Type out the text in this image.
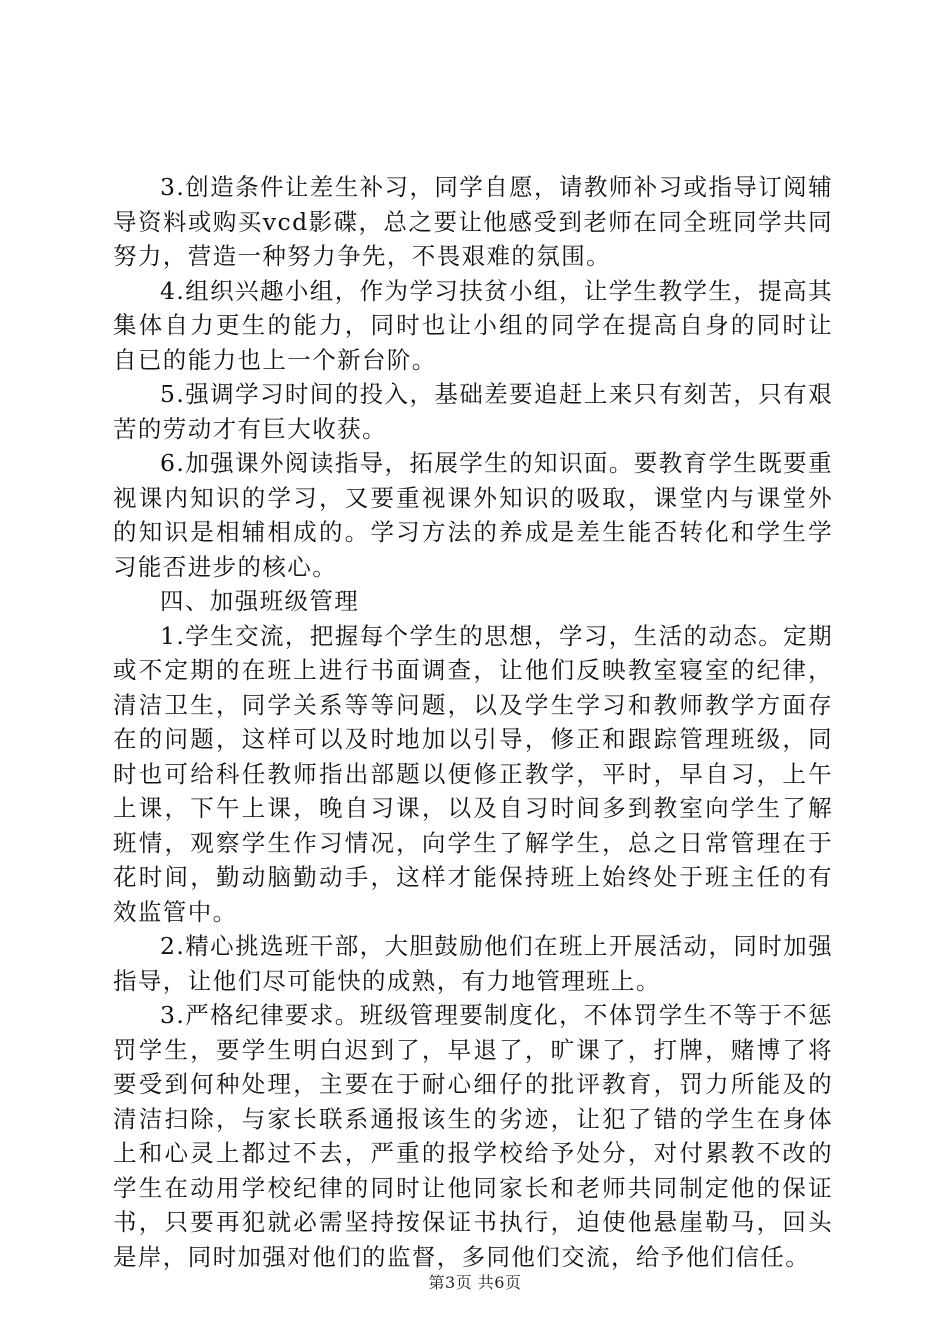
3.创造条件让差生补习，同学自愿，请教师补习或指导订阅辅导资料或购买vcd影碟，总之要让他感受到老师在同全班同学共同努力，营造一种努力争先，不畏艰难的氛围。

4.组织兴趣小组，作为学习扶贫小组，让学生教学生，提高其集体自力更生的能力，同时也让小组的同学在提高自身的同时让自已的能力也上一个新台阶。

5.强调学习时间的投入，基础差要追赶上来只有刻苦，只有艰苦的劳动才有巨大收获。

6.加强课外阅读指导，拓展学生的知识面。要教育学生既要重视课内知识的学习，又要重视课外知识的吸取，课堂内与课堂外的知识是相辅相成的。学习方法的养成是差生能否转化和学生学习能否进步的核心。

四、加强班级管理

1.学生交流，把握每个学生的思想，学习，生活的动态。定期或不定期的在班上进行书面调查，让他们反映教室寝室的纪律，清洁卫生，同学关系等等问题，以及学生学习和教师教学方面存在的问题，这样可以及时地加以引导，修正和跟踪管理班级，同时也可给科任教师指出部题以便修正教学，平时，早自习，上午上课，下午上课，晚自习课，以及自习时间多到教室向学生了解班情，观察学生作习情况，向学生了解学生，总之日常管理在于花时间，勤动脑勤动手，这样才能保持班上始终处于班主任的有效监管中。

2.精心挑选班干部，大胆鼓励他们在班上开展活动，同时加强指导，让他们尽可能快的成熟，有力地管理班上。

3.严格纪律要求。班级管理要制度化，不体罚学生不等于不惩罚学生，要学生明白迟到了，早退了，旷课了，打牌，赌博了将要受到何种处理，主要在于耐心细仔的批评教育，罚力所能及的清洁扫除，与家长联系通报该生的劣迹，让犯了错的学生在身体上和心灵上都过不去，严重的报学校给予处分，对付累教不改的学生在动用学校纪律的同时让他同家长和老师共同制定他的保证书，只要再犯就必需坚持按保证书执行，迫使他悬崖勒马，回头是岸，同时加强对他们的监督，多同他们交流，给予他们信任。

第3页 共6页
